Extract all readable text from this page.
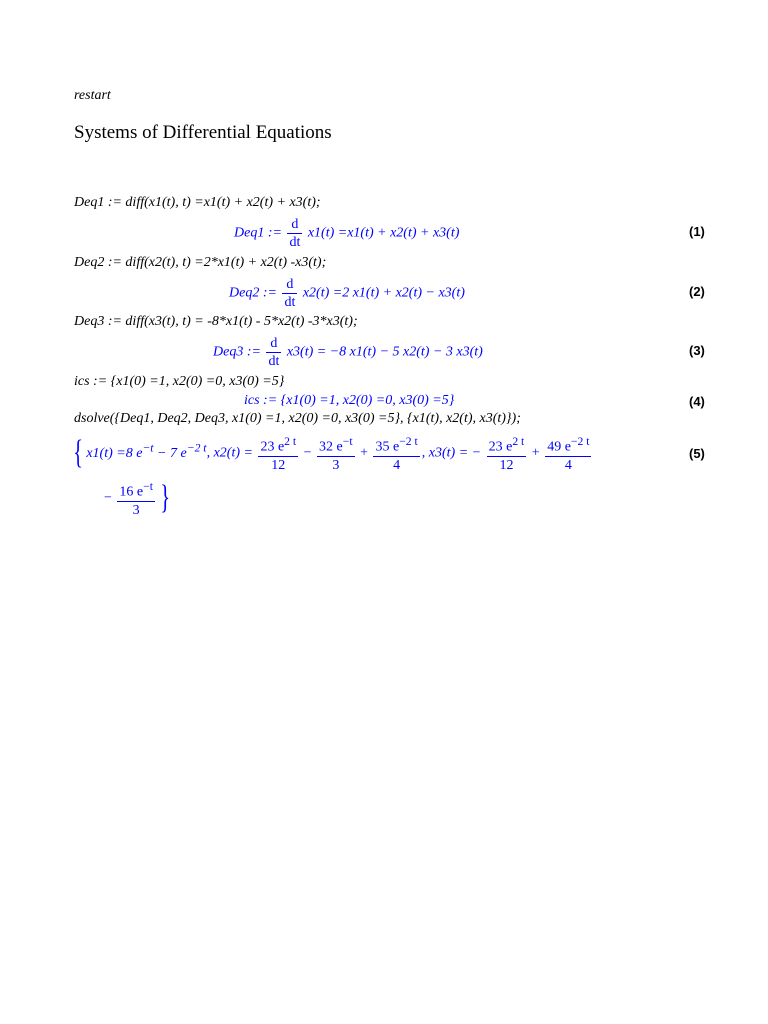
restart
Systems of Differential Equations
Deq1 := diff(x1(t), t) =x1(t) + x2(t) + x3(t);
Deq1 := $\frac{d}{dt} x1(t) =x1(t) + x2(t) + x3(t)$	(1)
Deq2 := diff(x2(t), t) =2*x1(t) + x2(t) -x3(t);
Deq2 := $\frac{d}{dt} x2(t) =2$ x1(t) + x2(t) − x3(t)	(2)
Deq3 := diff(x3(t), t) = -8*x1(t) - 5*x2(t) -3*x3(t);
Deq3 := $\frac{d}{dt} x3(t) = -8$ x1(t) − 5 x2(t) − 3 x3(t)	(3)
ics := {x1(0) =1, x2(0) =0, x3(0) =5}
ics := {x1(0) =1, x2(0) =0, x3(0) =5}	(4)
dsolve({Deq1, Deq2, Deq3, x1(0) =1, x2(0) =0, x3(0) =5}, {x1(t), x2(t), x3(t)});
{ x1(t) =8 $e^{-t} - 7$ $e^{-2 t}$, $x2(t) = \frac{23 e^{2 t}}{12} - \frac{32 e^{-t}}{3} + \frac{35 e^{-2 t}}{4}$ , x3(t) = − $\frac{23 e^{2 t}}{12} + \frac{49 e^{-2 t}}{4}$	(5)
− $\frac{16 e^{-t}}{3}$ }
